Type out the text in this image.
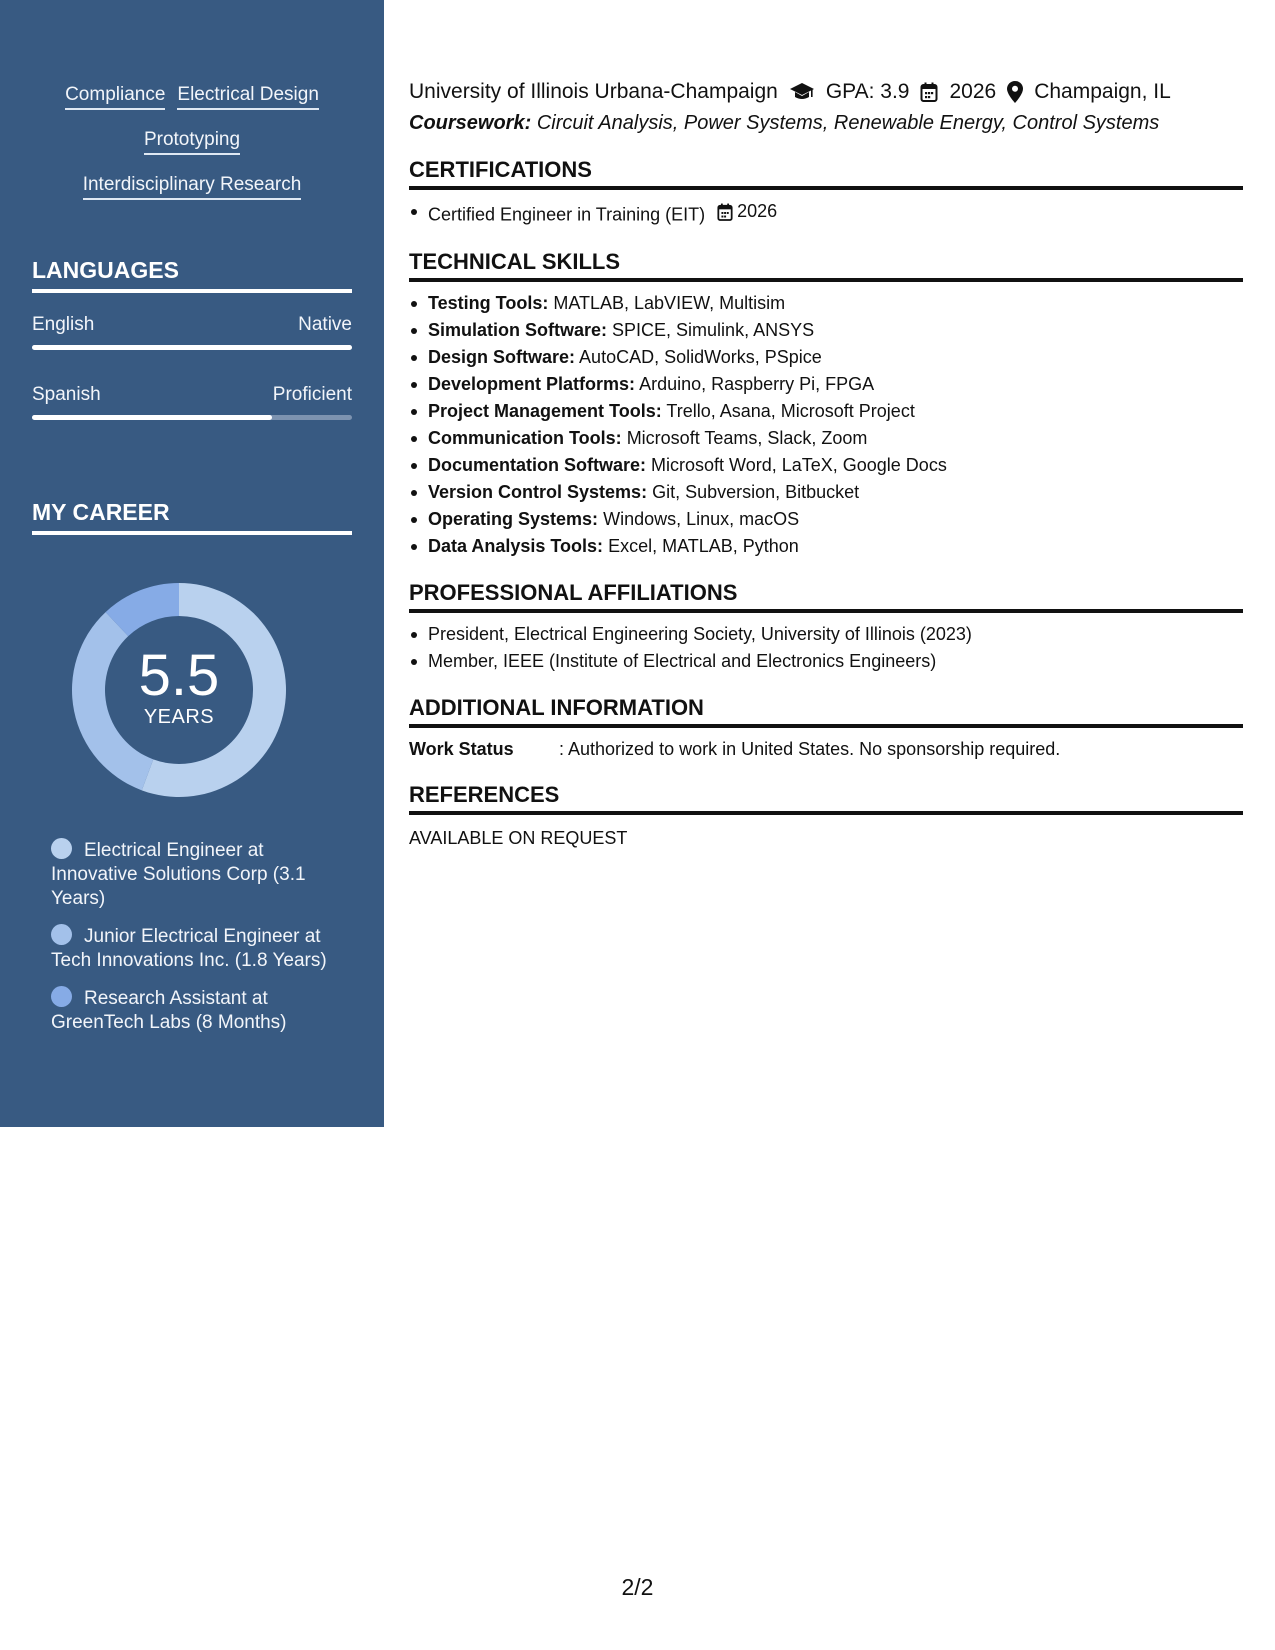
Compliance Electrical Design
Prototyping
Interdisciplinary Research
LANGUAGES
English	Native
Spanish	Proficient
MY CAREER
5.5
YEARS
Electrical Engineer at Innovative Solutions Corp (3.1 Years)
Junior Electrical Engineer at Tech Innovations Inc. (1.8 Years)
Research Assistant at GreenTech Labs (8 Months)
University of Illinois Urbana-Champaign GPA: 3.9 2026 Champaign, IL
Coursework: Circuit Analysis, Power Systems, Renewable Energy, Control Systems
CERTIFICATIONS
Certified Engineer in Training (EIT) 2026
TECHNICAL SKILLS
Testing Tools: MATLAB, LabVIEW, Multisim
Simulation Software: SPICE, Simulink, ANSYS
Design Software: AutoCAD, SolidWorks, PSpice
Development Platforms: Arduino, Raspberry Pi, FPGA
Project Management Tools: Trello, Asana, Microsoft Project
Communication Tools: Microsoft Teams, Slack, Zoom
Documentation Software: Microsoft Word, LaTeX, Google Docs
Version Control Systems: Git, Subversion, Bitbucket
Operating Systems: Windows, Linux, macOS
Data Analysis Tools: Excel, MATLAB, Python
PROFESSIONAL AFFILIATIONS
President, Electrical Engineering Society, University of Illinois (2023)
Member, IEEE (Institute of Electrical and Electronics Engineers)
ADDITIONAL INFORMATION
Work Status	: Authorized to work in United States. No sponsorship required.
REFERENCES
AVAILABLE ON REQUEST
2/2
